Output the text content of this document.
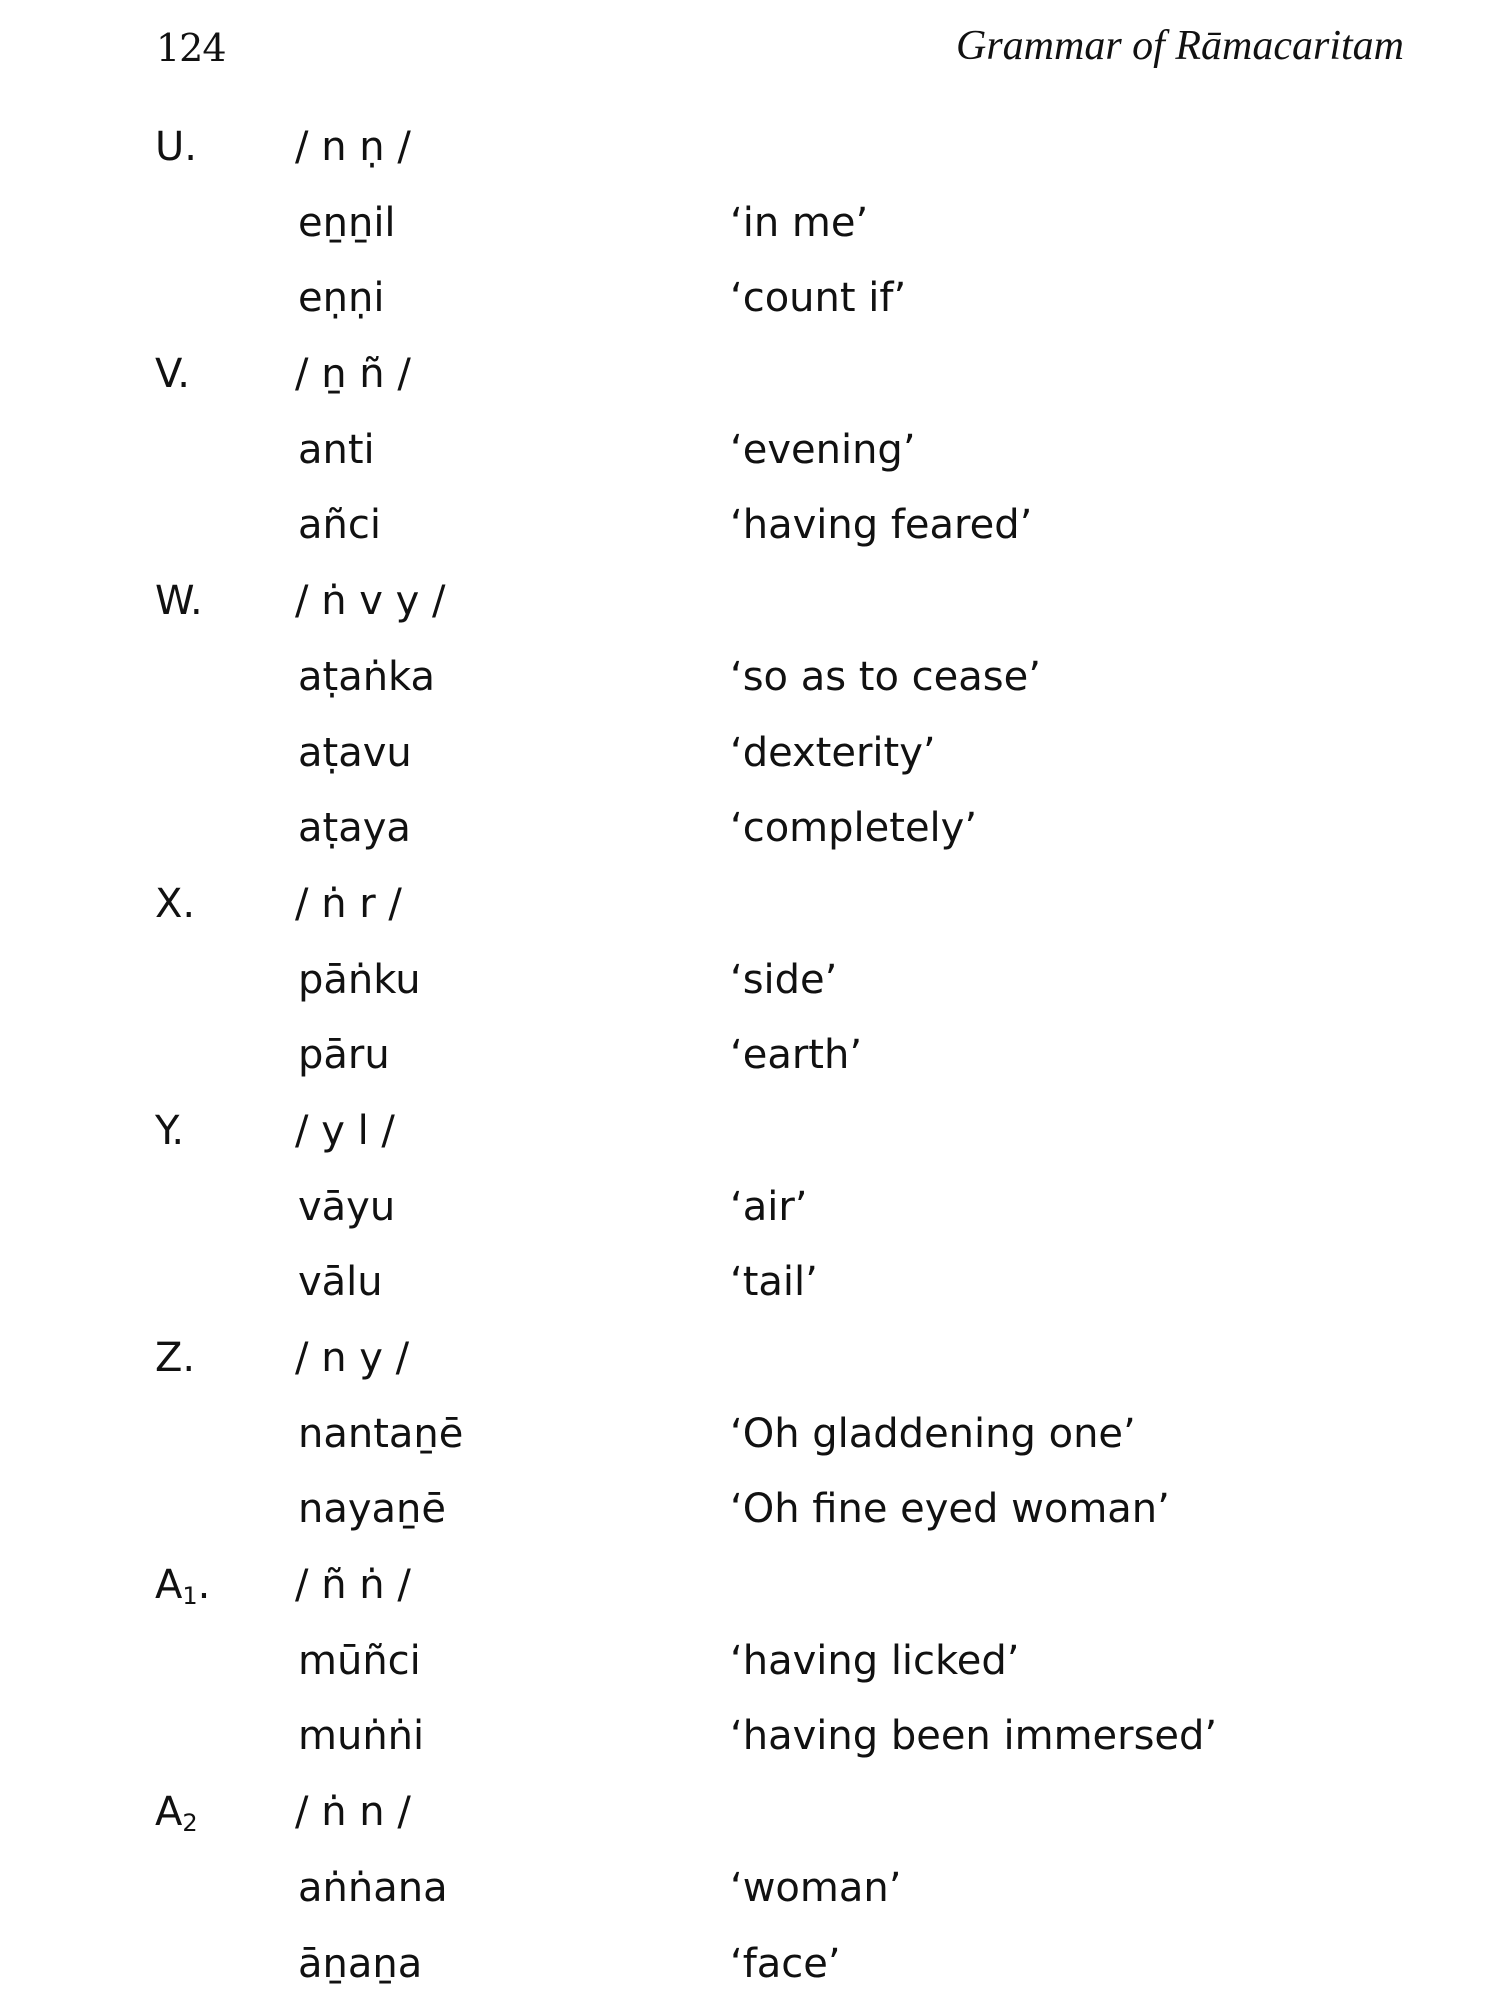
124	Grammar of Rāmacaritam
U. / n ṇ /
eṉṉil	‘in me’
eṇṇi	‘count if’
V.	/ ṉ ñ /
anti	‘evening’
añci	‘having feared’
W. / ṅ v y /
aṭaṅka	‘so as to cease’
aṭavu	‘dexterity’
aṭaya	‘completely’
X. / ṅ r /
pāṅku	‘side’
pāru	‘earth’
Y.	/ y l /
vāyu	‘air’
vālu	‘tail’
Z. / n y /
nantaṉē	‘Oh gladdening one’
nayaṉē	‘Oh fine eyed woman’
$A_1$. / ñ ṅ /
mūñci	‘having licked’
muṅṅi	‘having been immersed’
$A_2$ / ṅ n /
aṅṅana	‘woman’
āṉaṉa	‘face’
